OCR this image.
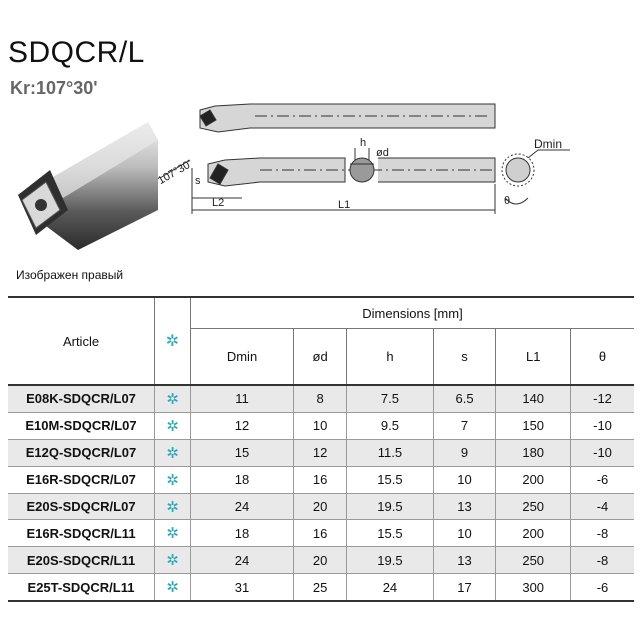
SDQCR/L
Kr:107°30'
Изображен правый
107°30' s
L2	L1
h
ød
Dmin
θ
Article	✲	Dimensions [mm]					
		Dmin	ød	h	s	L1	θ
E08K-SDQCR/L07	✲	11	8	7.5	6.5	140	-12
E10M-SDQCR/L07	✲	12	10	9.5	7	150	-10
E12Q-SDQCR/L07	✲	15	12	11.5	9	180	-10
E16R-SDQCR/L07	✲	18	16	15.5	10	200	-6
E20S-SDQCR/L07	✲	24	20	19.5	13	250	-4
E16R-SDQCR/L11	✲	18	16	15.5	10	200	-8
E20S-SDQCR/L11	✲	24	20	19.5	13	250	-8
E25T-SDQCR/L11	✲	31	25	24	17	300	-6
